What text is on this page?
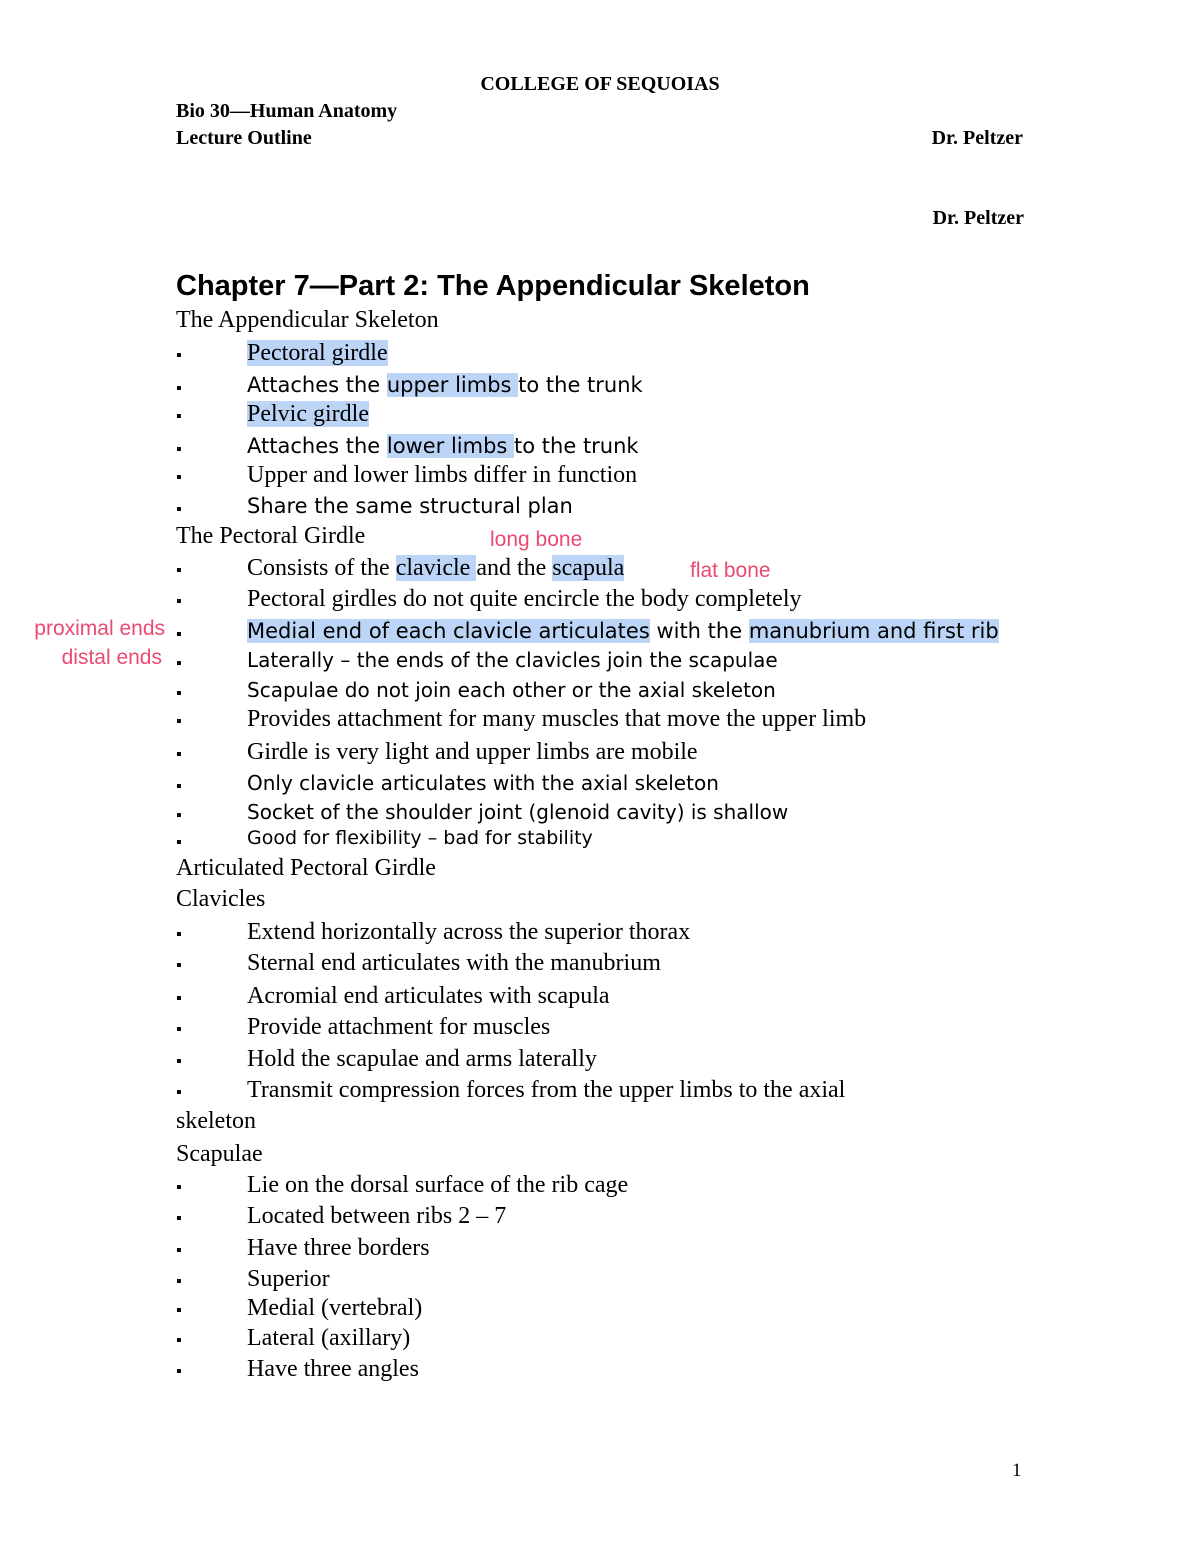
COLLEGE OF SEQUOIAS
Bio 30—Human Anatomy
Lecture Outline	Dr. Peltzer
Dr. Peltzer
Chapter 7—Part 2: The Appendicular Skeleton
The Appendicular Skeleton
The Pectoral Girdle
Articulated Pectoral Girdle
Clavicles
skeleton
Scapulae
long bone
flat bone
proximal ends
distal ends
1
▪	Pectoral girdle
▪	Attaches the upper limbs to the trunk
▪	Pelvic girdle
▪	Attaches the lower limbs to the trunk
▪	Upper and lower limbs differ in function
▪	Share the same structural plan
▪	Consists of the clavicle and the scapula
▪	Pectoral girdles do not quite encircle the body completely
▪	Medial end of each clavicle articulates with the manubrium and first rib
▪	Laterally – the ends of the clavicles join the scapulae
▪	Scapulae do not join each other or the axial skeleton
▪	Provides attachment for many muscles that move the upper limb
▪	Girdle is very light and upper limbs are mobile
▪	Only clavicle articulates with the axial skeleton
▪	Socket of the shoulder joint (glenoid cavity) is shallow
▪	Good for flexibility – bad for stability
▪	Extend horizontally across the superior thorax
▪	Sternal end articulates with the manubrium
▪	Acromial end articulates with scapula
▪	Provide attachment for muscles
▪	Hold the scapulae and arms laterally
▪	Transmit compression forces from the upper limbs to the axial
▪	Lie on the dorsal surface of the rib cage
▪	Located between ribs 2 – 7
▪	Have three borders
▪	Superior
▪	Medial (vertebral)
▪	Lateral (axillary)
▪	Have three angles
